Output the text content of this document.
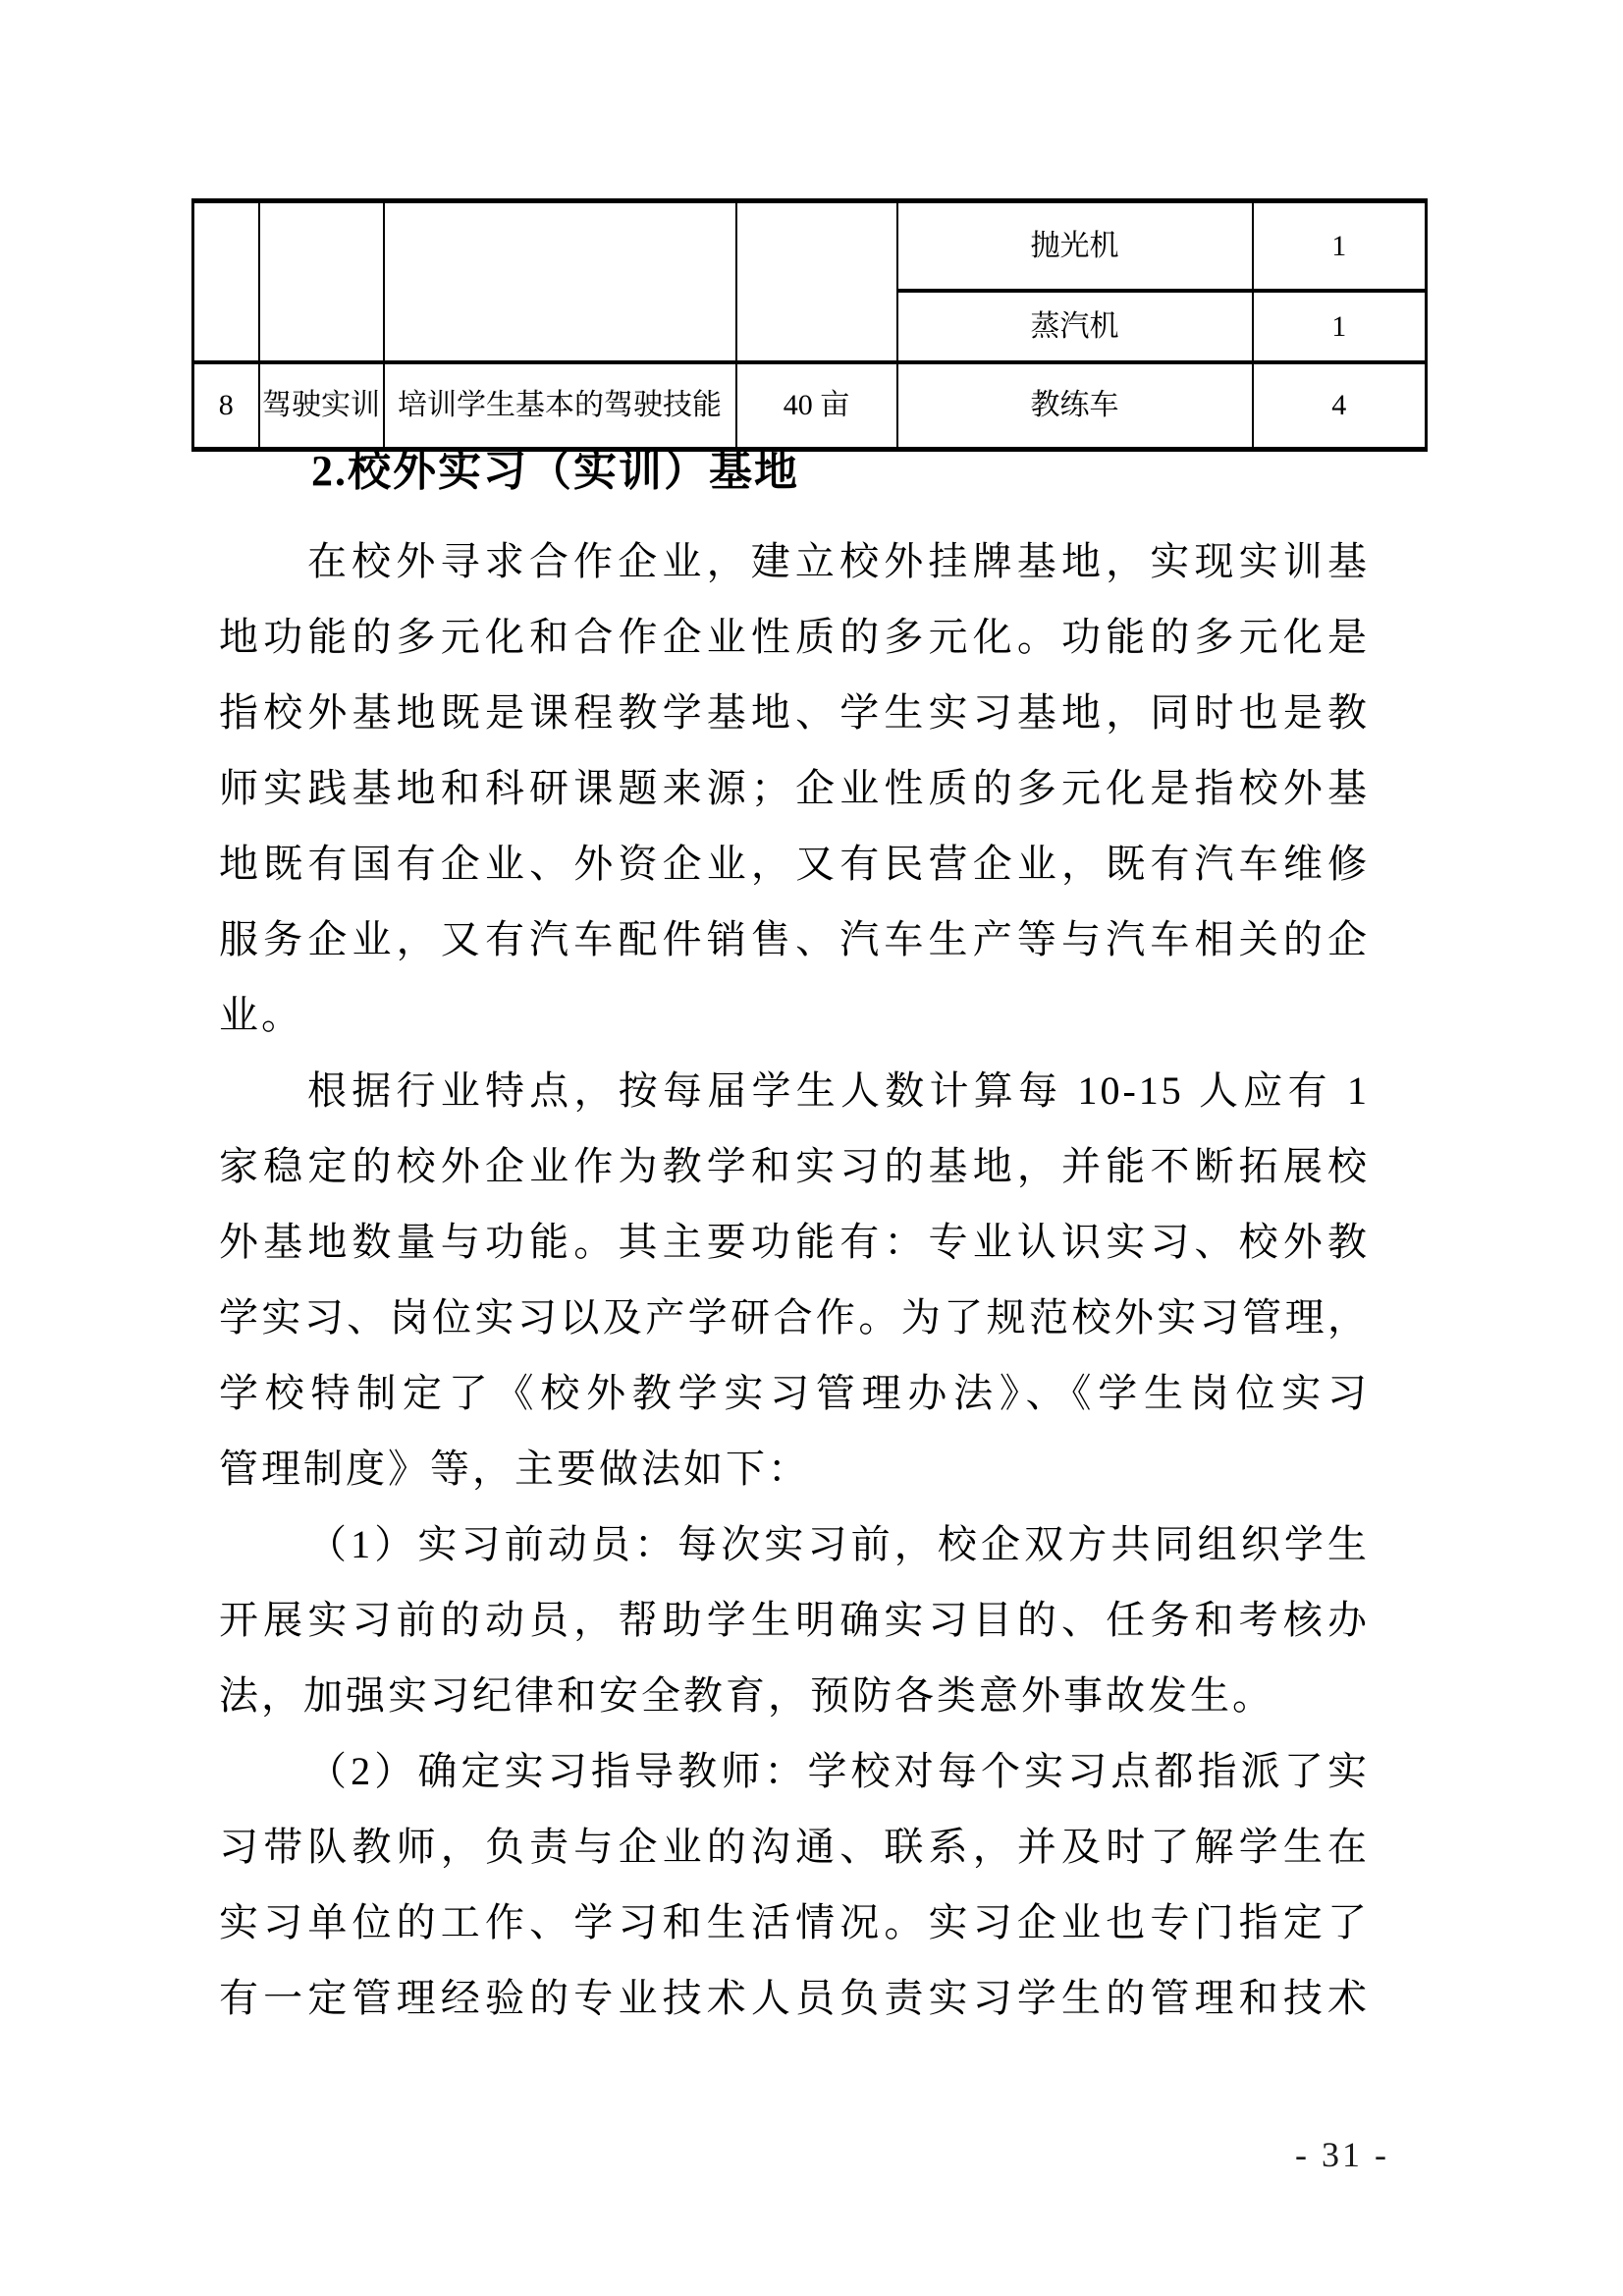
				抛光机	1
				蒸汽机	1
8	驾驶实训	培训学生基本的驾驶技能	40 亩	教练车	4
2.校外实习（实训）基地
在校外寻求合作企业，建立校外挂牌基地，实现实训基
地功能的多元化和合作企业性质的多元化。功能的多元化是
指校外基地既是课程教学基地、学生实习基地，同时也是教
师实践基地和科研课题来源；企业性质的多元化是指校外基
地既有国有企业、外资企业，又有民营企业，既有汽车维修
服务企业，又有汽车配件销售、汽车生产等与汽车相关的企
业。
根据行业特点，按每届学生人数计算每 10-15 人应有 1
家稳定的校外企业作为教学和实习的基地，并能不断拓展校
外基地数量与功能。其主要功能有：专业认识实习、校外教
学实习、岗位实习以及产学研合作。为了规范校外实习管理，
学校特制定了《校外教学实习管理办法》、《学生岗位实习
管理制度》等，主要做法如下：
（1）实习前动员：每次实习前，校企双方共同组织学生
开展实习前的动员，帮助学生明确实习目的、任务和考核办
法，加强实习纪律和安全教育，预防各类意外事故发生。
（2）确定实习指导教师：学校对每个实习点都指派了实
习带队教师，负责与企业的沟通、联系，并及时了解学生在
实习单位的工作、学习和生活情况。实习企业也专门指定了
有一定管理经验的专业技术人员负责实习学生的管理和技术
- 31 -
